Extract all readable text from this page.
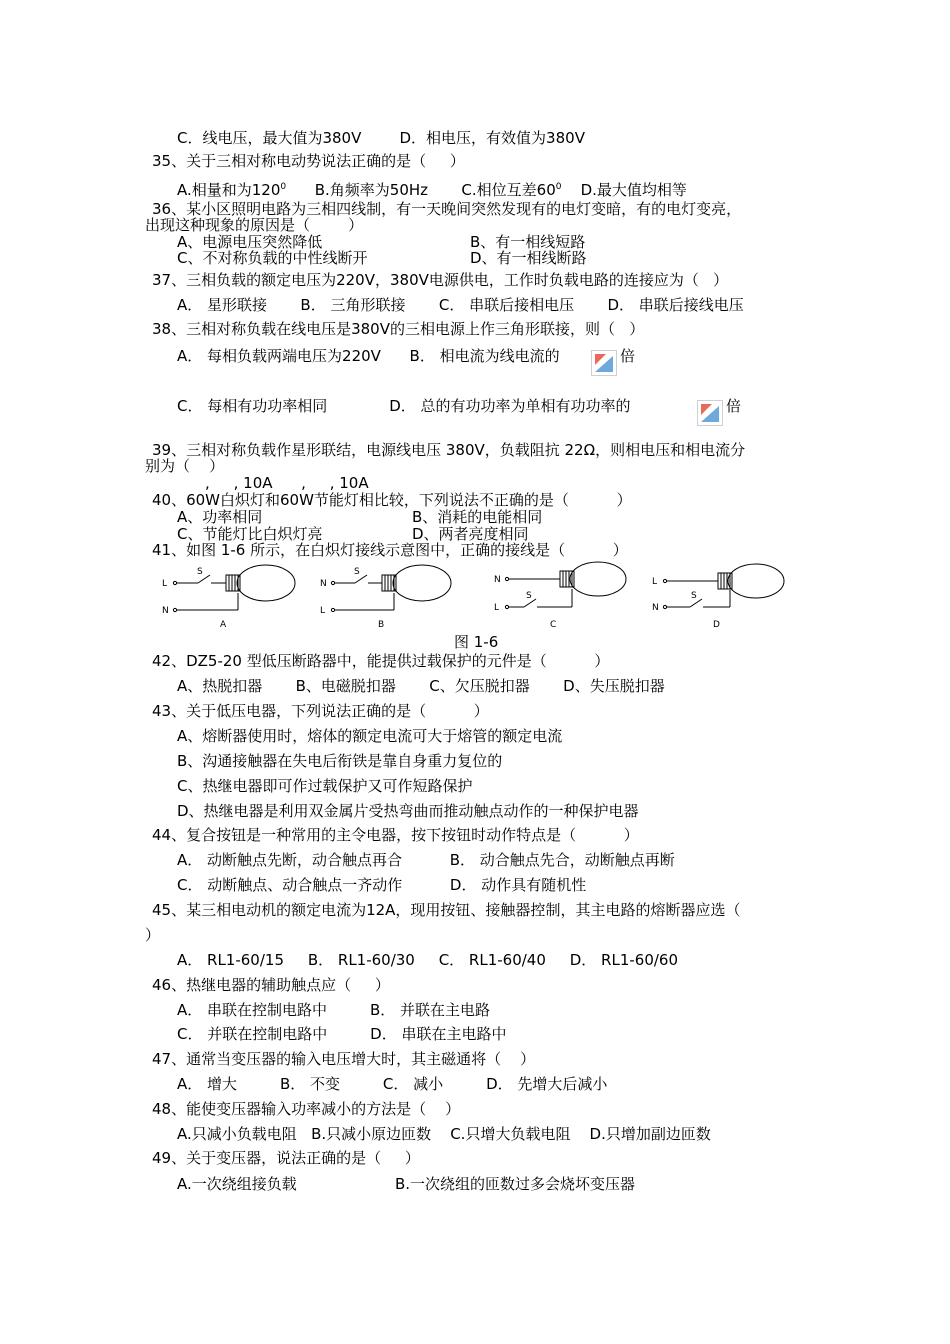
C．线电压，最大值为380V        D．相电压，有效值为380V
35、关于三相对称电动势说法正确的是（     ）
A.相量和为$120^0$      B.角频率为50Hz       C.相位互差$60^0$    D.最大值均相等
36、某小区照明电路为三相四线制，有一天晚间突然发现有的电灯变暗，有的电灯变亮，
出现这种现象的原因是（        ）
A、电源电压突然降低	B、有一相线短路
C、不对称负载的中性线断开	D、有一相线断路
37、三相负载的额定电压为220V，380V电源供电，工作时负载电路的连接应为（   ）
A． 星形联接       B． 三角形联接       C． 串联后接相电压       D． 串联后接线电压
38、三相对称负载在线电压是380V的三相电源上作三角形联接，则（   ）
A． 每相负载两端电压为220V      B． 相电流为线电流的	倍
C． 每相有功功率相同             D． 总的有功功率为单相有功功率的	倍
39、三相对称负载作星形联结，电源线电压 380V，负载阻抗 22Ω，则相电压和相电流分
别为（    ）
,     , 10A      ,     , 10A
40、60W白炽灯和60W节能灯相比较，下列说法不正确的是（          ）
A、功率相同	B、消耗的电能相同
C、节能灯比白炽灯亮	D、两者亮度相同
41、如图 1-6 所示，在白炽灯接线示意图中，正确的接线是（          ）
L
N
S
A
N
L
S
B
N
L
S
C
L
N
S
D
图 1-6
42、DZ5-20 型低压断路器中，能提供过载保护的元件是（          ）
A、热脱扣器       B、电磁脱扣器       C、欠压脱扣器       D、失压脱扣器
43、关于低压电器，下列说法正确的是（          ）
A、熔断器使用时，熔体的额定电流可大于熔管的额定电流
B、沟通接触器在失电后衔铁是靠自身重力复位的
C、热继电器即可作过载保护又可作短路保护
D、热继电器是利用双金属片受热弯曲而推动触点动作的一种保护电器
44、复合按钮是一种常用的主令电器，按下按钮时动作特点是（          ）
A． 动断触点先断，动合触点再合          B． 动合触点先合，动断触点再断
C． 动断触点、动合触点一齐动作          D． 动作具有随机性
45、某三相电动机的额定电流为12A，现用按钮、接触器控制，其主电路的熔断器应选（
）
A． RL1-60/15     B． RL1-60/30     C． RL1-60/40     D． RL1-60/60
46、热继电器的辅助触点应（     ）
A． 串联在控制电路中         B． 并联在主电路
C． 并联在控制电路中         D． 串联在主电路中
47、通常当变压器的输入电压增大时，其主磁通将（    ）
A． 增大         B． 不变         C． 减小         D． 先增大后减小
48、能使变压器输入功率减小的方法是（    ）
A.只减小负载电阻   B.只减小原边匝数    C.只增大负载电阻    D.只增加副边匝数
49、关于变压器，说法正确的是（     ）
A.一次绕组接负载	B.一次绕组的匝数过多会烧坏变压器
